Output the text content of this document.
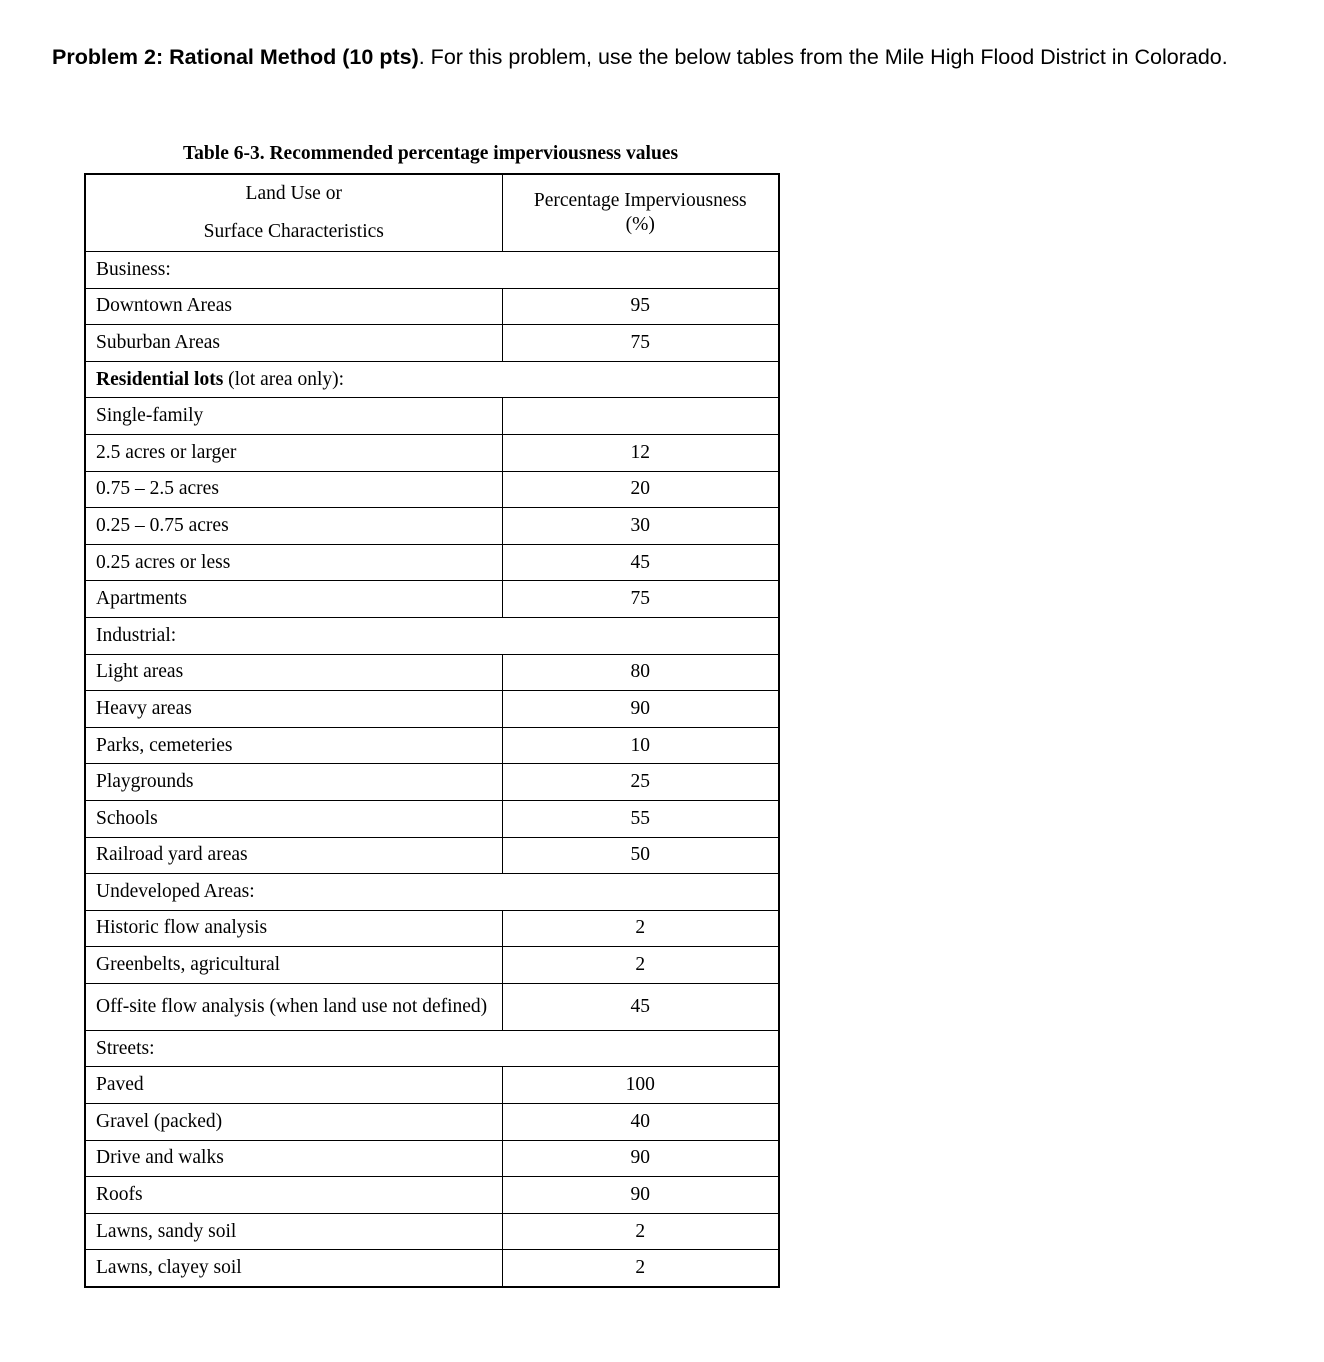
Problem 2: Rational Method (10 pts). For this problem, use the below tables from the Mile High Flood District in Colorado.

Table 6-3. Recommended percentage imperviousness values
Land Use or
Surface Characteristics	Percentage Imperviousness
(%)

Business:	
Downtown Areas	95
Suburban Areas	75
Residential lots (lot area only):	
Single-family	
2.5 acres or larger	12
0.75 – 2.5 acres	20
0.25 – 0.75 acres	30
0.25 acres or less	45
Apartments	75
Industrial:	
Light areas	80
Heavy areas	90
Parks, cemeteries	10
Playgrounds	25
Schools	55
Railroad yard areas	50
Undeveloped Areas:	
Historic flow analysis	2
Greenbelts, agricultural	2
Off-site flow analysis (when land use not defined)	45
Streets:	
Paved	100
Gravel (packed)	40
Drive and walks	90
Roofs	90
Lawns, sandy soil	2
Lawns, clayey soil	2
